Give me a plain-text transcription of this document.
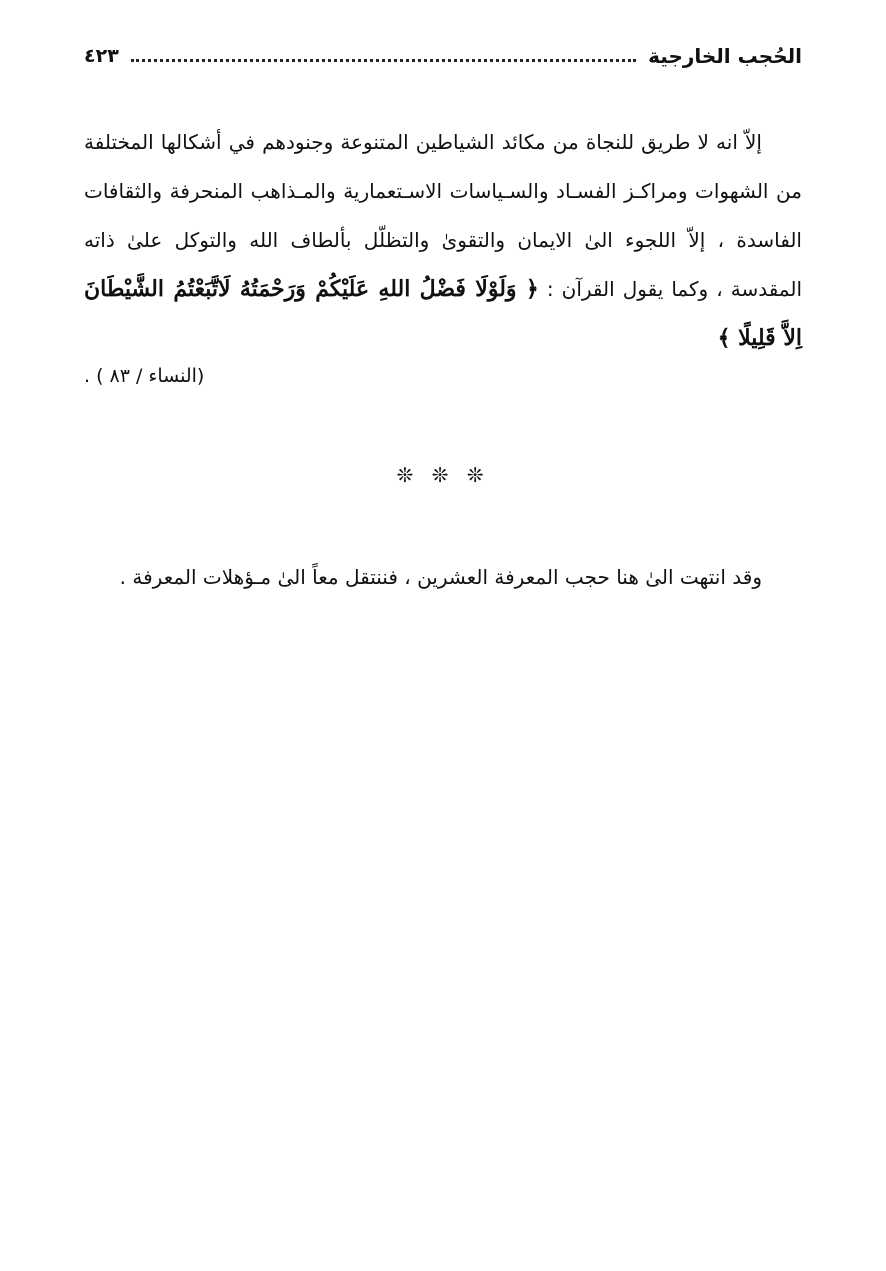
الحُجب الخارجية
٤٢٣
إلاّ انه لا طريق للنجاة من مكائد الشياطين المتنوعة وجنودهم في أشكالها المختلفة من الشهوات ومراكـز الفسـاد والسـياسات الاسـتعمارية والمـذاهب المنحرفة والثقافات الفاسدة ، إلاّ اللجوء الىٰ الايمان والتقوىٰ والتظلّل بألطاف الله والتوكل علىٰ ذاته المقدسة ، وكما يقول القرآن : ﴿ وَلَوْلَا فَضْلُ اللهِ عَلَيْكُمْ وَرَحْمَتُهُ لَاتَّبَعْتُمُ الشَّيْطَانَ اِلاَّ قَلِيلًا ﴾
(النساء / ٨٣ ) .
❊ ❊ ❊
وقد انتهت الىٰ هنا حجب المعرفة العشرين ، فننتقل معاً الىٰ مـؤهلات المعرفة .
